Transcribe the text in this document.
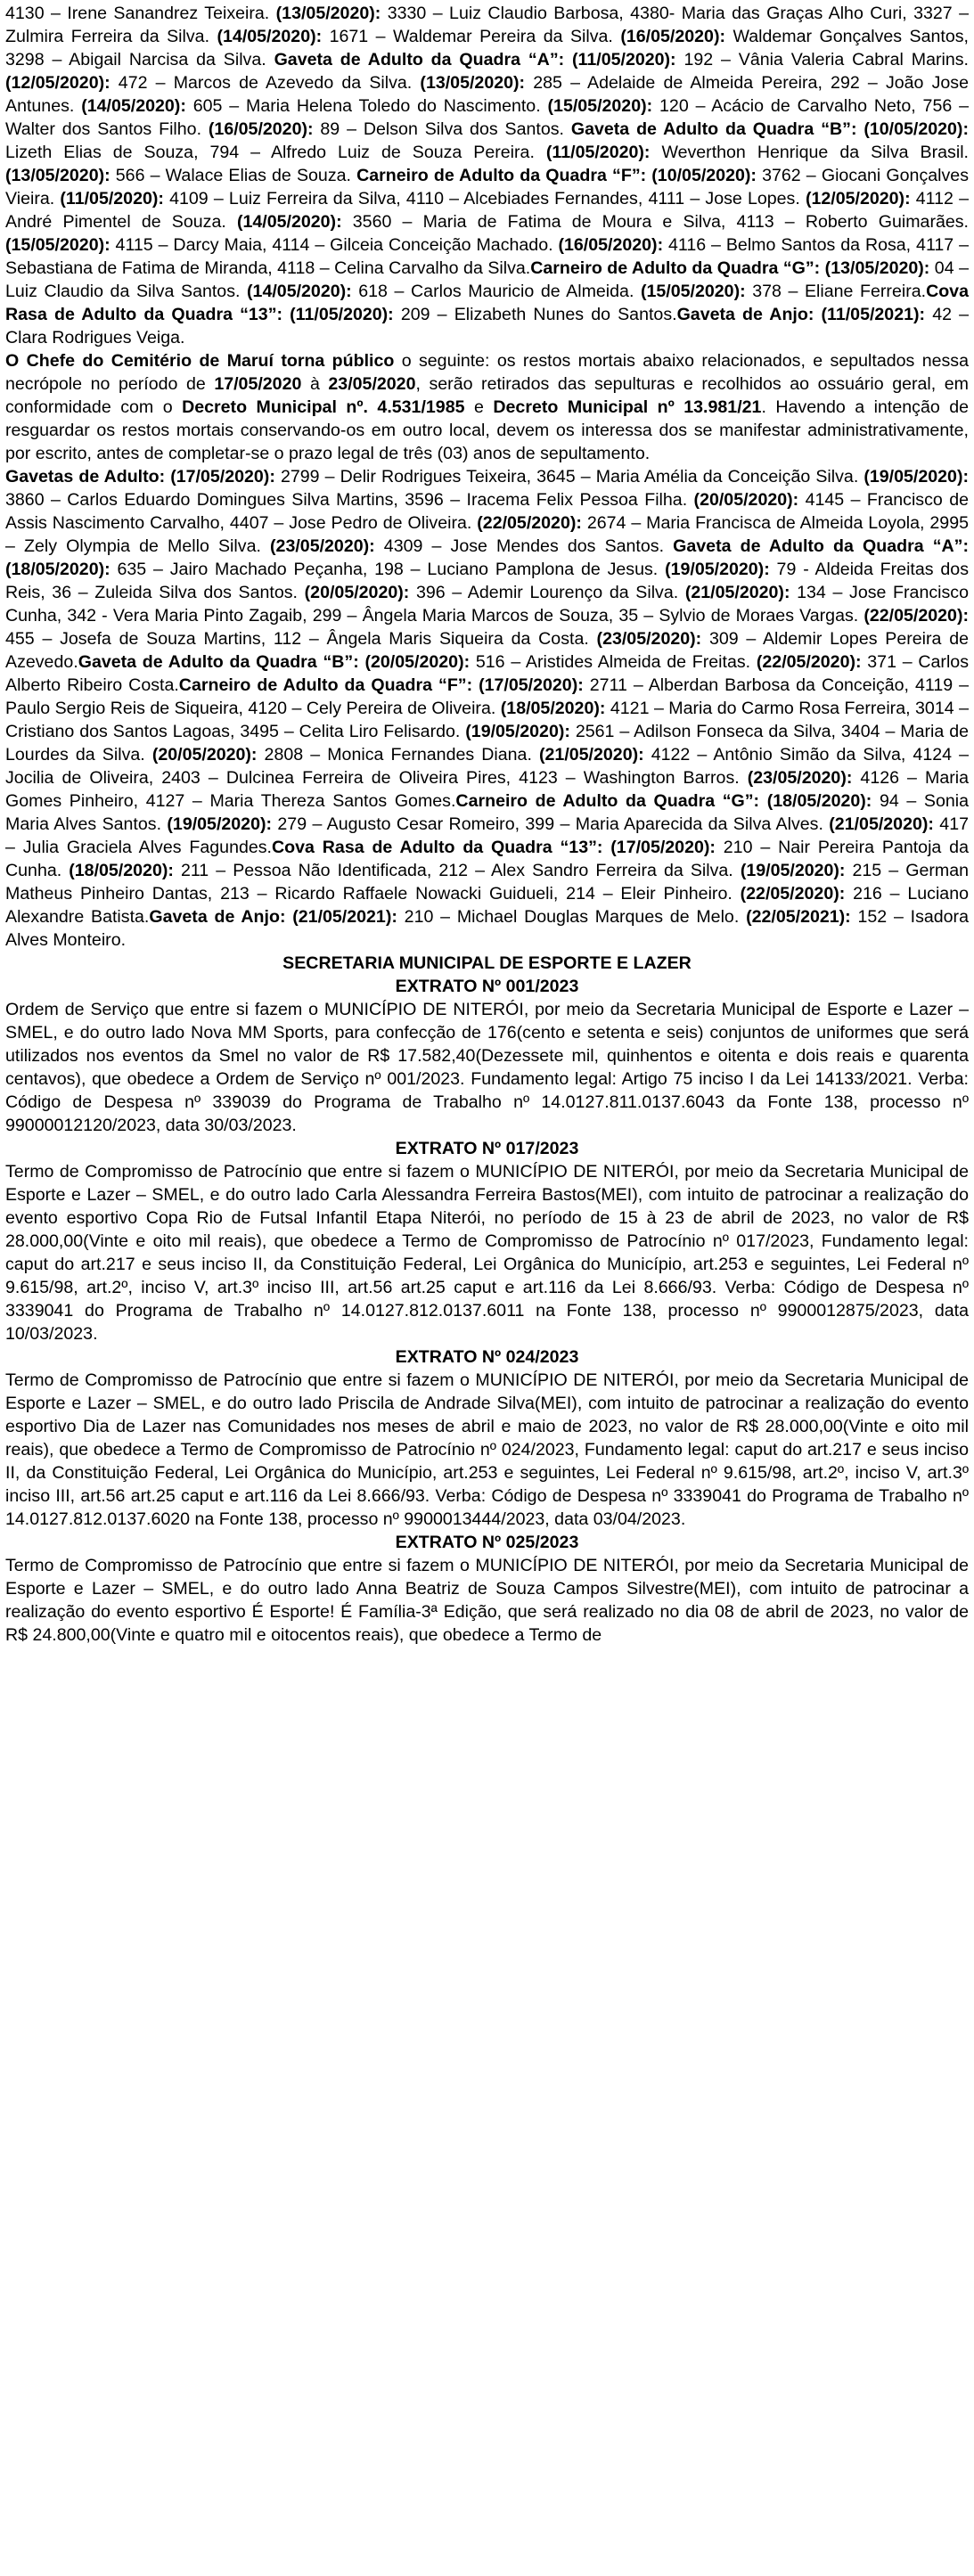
4130 – Irene Sanandrez Teixeira. (13/05/2020): 3330 – Luiz Claudio Barbosa, 4380- Maria das Graças Alho Curi, 3327 – Zulmira Ferreira da Silva. (14/05/2020): 1671 – Waldemar Pereira da Silva. (16/05/2020): Waldemar Gonçalves Santos, 3298 – Abigail Narcisa da Silva. Gaveta de Adulto da Quadra “A”: (11/05/2020): 192 – Vânia Valeria Cabral Marins. (12/05/2020): 472 – Marcos de Azevedo da Silva. (13/05/2020): 285 – Adelaide de Almeida Pereira, 292 – João Jose Antunes. (14/05/2020): 605 – Maria Helena Toledo do Nascimento. (15/05/2020): 120 – Acácio de Carvalho Neto, 756 – Walter dos Santos Filho. (16/05/2020): 89 – Delson Silva dos Santos. Gaveta de Adulto da Quadra “B”: (10/05/2020): Lizeth Elias de Souza, 794 – Alfredo Luiz de Souza Pereira. (11/05/2020): Weverthon Henrique da Silva Brasil. (13/05/2020): 566 – Walace Elias de Souza. Carneiro de Adulto da Quadra “F”: (10/05/2020): 3762 – Giocani Gonçalves Vieira. (11/05/2020): 4109 – Luiz Ferreira da Silva, 4110 – Alcebiades Fernandes, 4111 – Jose Lopes. (12/05/2020): 4112 – André Pimentel de Souza. (14/05/2020): 3560 – Maria de Fatima de Moura e Silva, 4113 – Roberto Guimarães. (15/05/2020): 4115 – Darcy Maia, 4114 – Gilceia Conceição Machado. (16/05/2020): 4116 – Belmo Santos da Rosa, 4117 – Sebastiana de Fatima de Miranda, 4118 – Celina Carvalho da Silva.Carneiro de Adulto da Quadra “G”: (13/05/2020): 04 – Luiz Claudio da Silva Santos. (14/05/2020): 618 – Carlos Mauricio de Almeida. (15/05/2020): 378 – Eliane Ferreira.Cova Rasa de Adulto da Quadra “13”: (11/05/2020): 209 – Elizabeth Nunes do Santos.Gaveta de Anjo: (11/05/2021): 42 – Clara Rodrigues Veiga.

O Chefe do Cemitério de Maruí torna público o seguinte: os restos mortais abaixo relacionados, e sepultados nessa necrópole no período de 17/05/2020 à 23/05/2020, serão retirados das sepulturas e recolhidos ao ossuário geral, em conformidade com o Decreto Municipal nº. 4.531/1985 e Decreto Municipal nº 13.981/21. Havendo a intenção de resguardar os restos mortais conservando-os em outro local, devem os interessa dos se manifestar administrativamente, por escrito, antes de completar-se o prazo legal de três (03) anos de sepultamento.

Gavetas de Adulto: (17/05/2020): 2799 – Delir Rodrigues Teixeira, 3645 – Maria Amélia da Conceição Silva. (19/05/2020): 3860 – Carlos Eduardo Domingues Silva Martins, 3596 – Iracema Felix Pessoa Filha. (20/05/2020): 4145 – Francisco de Assis Nascimento Carvalho, 4407 – Jose Pedro de Oliveira. (22/05/2020): 2674 – Maria Francisca de Almeida Loyola, 2995 – Zely Olympia de Mello Silva. (23/05/2020): 4309 – Jose Mendes dos Santos. Gaveta de Adulto da Quadra “A”: (18/05/2020): 635 – Jairo Machado Peçanha, 198 – Luciano Pamplona de Jesus. (19/05/2020): 79 - Aldeida Freitas dos Reis, 36 – Zuleida Silva dos Santos. (20/05/2020): 396 – Ademir Lourenço da Silva. (21/05/2020): 134 – Jose Francisco Cunha, 342 - Vera Maria Pinto Zagaib, 299 – Ângela Maria Marcos de Souza, 35 – Sylvio de Moraes Vargas. (22/05/2020): 455 – Josefa de Souza Martins, 112 – Ângela Maris Siqueira da Costa. (23/05/2020): 309 – Aldemir Lopes Pereira de Azevedo.Gaveta de Adulto da Quadra “B”: (20/05/2020): 516 – Aristides Almeida de Freitas. (22/05/2020): 371 – Carlos Alberto Ribeiro Costa.Carneiro de Adulto da Quadra “F”: (17/05/2020): 2711 – Alberdan Barbosa da Conceição, 4119 – Paulo Sergio Reis de Siqueira, 4120 – Cely Pereira de Oliveira. (18/05/2020): 4121 – Maria do Carmo Rosa Ferreira, 3014 – Cristiano dos Santos Lagoas, 3495 – Celita Liro Felisardo. (19/05/2020): 2561 – Adilson Fonseca da Silva, 3404 – Maria de Lourdes da Silva. (20/05/2020): 2808 – Monica Fernandes Diana. (21/05/2020): 4122 – Antônio Simão da Silva, 4124 – Jocilia de Oliveira, 2403 – Dulcinea Ferreira de Oliveira Pires, 4123 – Washington Barros. (23/05/2020): 4126 – Maria Gomes Pinheiro, 4127 – Maria Thereza Santos Gomes.Carneiro de Adulto da Quadra “G”: (18/05/2020): 94 – Sonia Maria Alves Santos. (19/05/2020): 279 – Augusto Cesar Romeiro, 399 – Maria Aparecida da Silva Alves. (21/05/2020): 417 – Julia Graciela Alves Fagundes.Cova Rasa de Adulto da Quadra “13”: (17/05/2020): 210 – Nair Pereira Pantoja da Cunha. (18/05/2020): 211 – Pessoa Não Identificada, 212 – Alex Sandro Ferreira da Silva. (19/05/2020): 215 – German Matheus Pinheiro Dantas, 213 – Ricardo Raffaele Nowacki Guidueli, 214 – Eleir Pinheiro. (22/05/2020): 216 – Luciano Alexandre Batista.Gaveta de Anjo: (21/05/2021): 210 – Michael Douglas Marques de Melo. (22/05/2021): 152 – Isadora Alves Monteiro.

SECRETARIA MUNICIPAL DE ESPORTE E LAZER

EXTRATO Nº 001/2023

Ordem de Serviço que entre si fazem o MUNICÍPIO DE NITERÓI, por meio da Secretaria Municipal de Esporte e Lazer – SMEL, e do outro lado Nova MM Sports, para confecção de 176(cento e setenta e seis) conjuntos de uniformes que será utilizados nos eventos da Smel no valor de R$ 17.582,40(Dezessete mil, quinhentos e oitenta e dois reais e quarenta centavos), que obedece a Ordem de Serviço nº 001/2023. Fundamento legal: Artigo 75 inciso I da Lei 14133/2021. Verba: Código de Despesa nº 339039 do Programa de Trabalho nº 14.0127.811.0137.6043 da Fonte 138, processo nº 99000012120/2023, data 30/03/2023.

EXTRATO Nº 017/2023

Termo de Compromisso de Patrocínio que entre si fazem o MUNICÍPIO DE NITERÓI, por meio da Secretaria Municipal de Esporte e Lazer – SMEL, e do outro lado Carla Alessandra Ferreira Bastos(MEI), com intuito de patrocinar a realização do evento esportivo Copa Rio de Futsal Infantil Etapa Niterói, no período de 15 à 23 de abril de 2023, no valor de R$ 28.000,00(Vinte e oito mil reais), que obedece a Termo de Compromisso de Patrocínio nº 017/2023, Fundamento legal: caput do art.217 e seus inciso II, da Constituição Federal, Lei Orgânica do Município, art.253 e seguintes, Lei Federal nº 9.615/98, art.2º, inciso V, art.3º inciso III, art.56 art.25 caput e art.116 da Lei 8.666/93. Verba: Código de Despesa nº 3339041 do Programa de Trabalho nº 14.0127.812.0137.6011 na Fonte 138, processo nº 9900012875/2023, data 10/03/2023.

EXTRATO Nº 024/2023

Termo de Compromisso de Patrocínio que entre si fazem o MUNICÍPIO DE NITERÓI, por meio da Secretaria Municipal de Esporte e Lazer – SMEL, e do outro lado Priscila de Andrade Silva(MEI), com intuito de patrocinar a realização do evento esportivo Dia de Lazer nas Comunidades nos meses de abril e maio de 2023, no valor de R$ 28.000,00(Vinte e oito mil reais), que obedece a Termo de Compromisso de Patrocínio nº 024/2023, Fundamento legal: caput do art.217 e seus inciso II, da Constituição Federal, Lei Orgânica do Município, art.253 e seguintes, Lei Federal nº 9.615/98, art.2º, inciso V, art.3º inciso III, art.56 art.25 caput e art.116 da Lei 8.666/93. Verba: Código de Despesa nº 3339041 do Programa de Trabalho nº 14.0127.812.0137.6020 na Fonte 138, processo nº 9900013444/2023, data 03/04/2023.

EXTRATO Nº 025/2023

Termo de Compromisso de Patrocínio que entre si fazem o MUNICÍPIO DE NITERÓI, por meio da Secretaria Municipal de Esporte e Lazer – SMEL, e do outro lado Anna Beatriz de Souza Campos Silvestre(MEI), com intuito de patrocinar a realização do evento esportivo É Esporte! É Família-3ª Edição, que será realizado no dia 08 de abril de 2023, no valor de R$ 24.800,00(Vinte e quatro mil e oitocentos reais), que obedece a Termo de
